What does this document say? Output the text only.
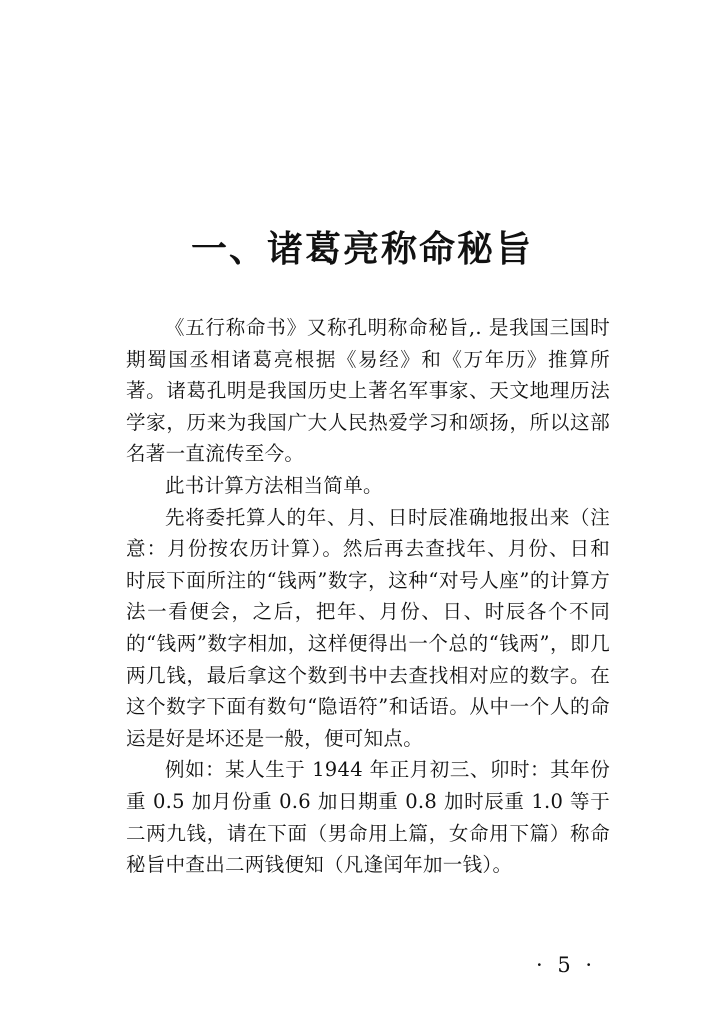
一、诸葛亮称命秘旨

《五行称命书》又称孔明称命秘旨,. 是我国三国时期蜀国丞相诸葛亮根据《易经》和《万年历》推算所著。诸葛孔明是我国历史上著名军事家、天文地理历法学家，历来为我国广大人民热爱学习和颂扬，所以这部名著一直流传至今。

此书计算方法相当简单。

先将委托算人的年、月、日时辰准确地报出来（注意：月份按农历计算）。然后再去查找年、月份、日和时辰下面所注的“钱两”数字，这种“对号人座”的计算方法一看便会，之后，把年、月份、日、时辰各个不同的“钱两”数字相加，这样便得出一个总的“钱两”，即几两几钱，最后拿这个数到书中去查找相对应的数字。在这个数字下面有数句“隐语符”和话语。从中一个人的命运是好是坏还是一般，便可知点。

例如：某人生于 1944 年正月初三、卯时：其年份重 0.5 加月份重 0.6 加日期重 0.8 加时辰重 1.0 等于二两九钱，请在下面（男命用上篇，女命用下篇）称命秘旨中查出二两钱便知（凡逢闰年加一钱）。

· 5 ·
